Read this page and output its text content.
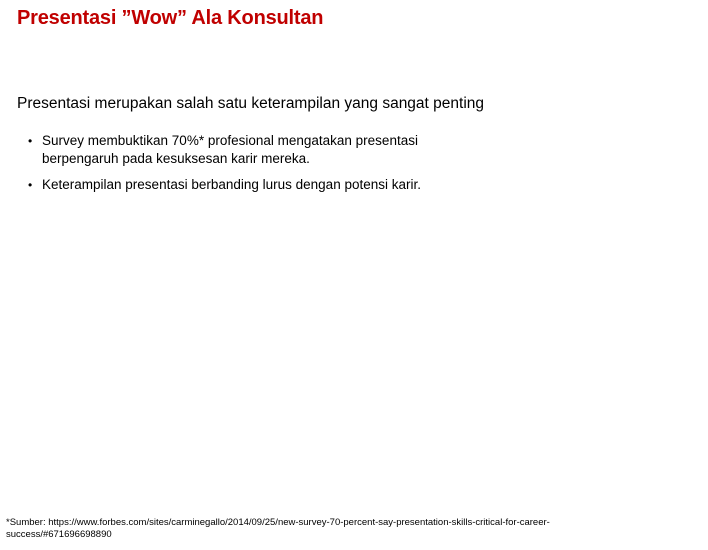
Presentasi ”Wow” Ala Konsultan
Presentasi merupakan salah satu keterampilan yang sangat penting
• Survey membuktikan 70%* profesional mengatakan presentasi
berpengaruh pada kesuksesan karir mereka.
• Keterampilan presentasi berbanding lurus dengan potensi karir.
*Sumber: https://www.forbes.com/sites/carminegallo/2014/09/25/new-survey-70-percent-say-presentation-skills-critical-for-career-
success/#671696698890
